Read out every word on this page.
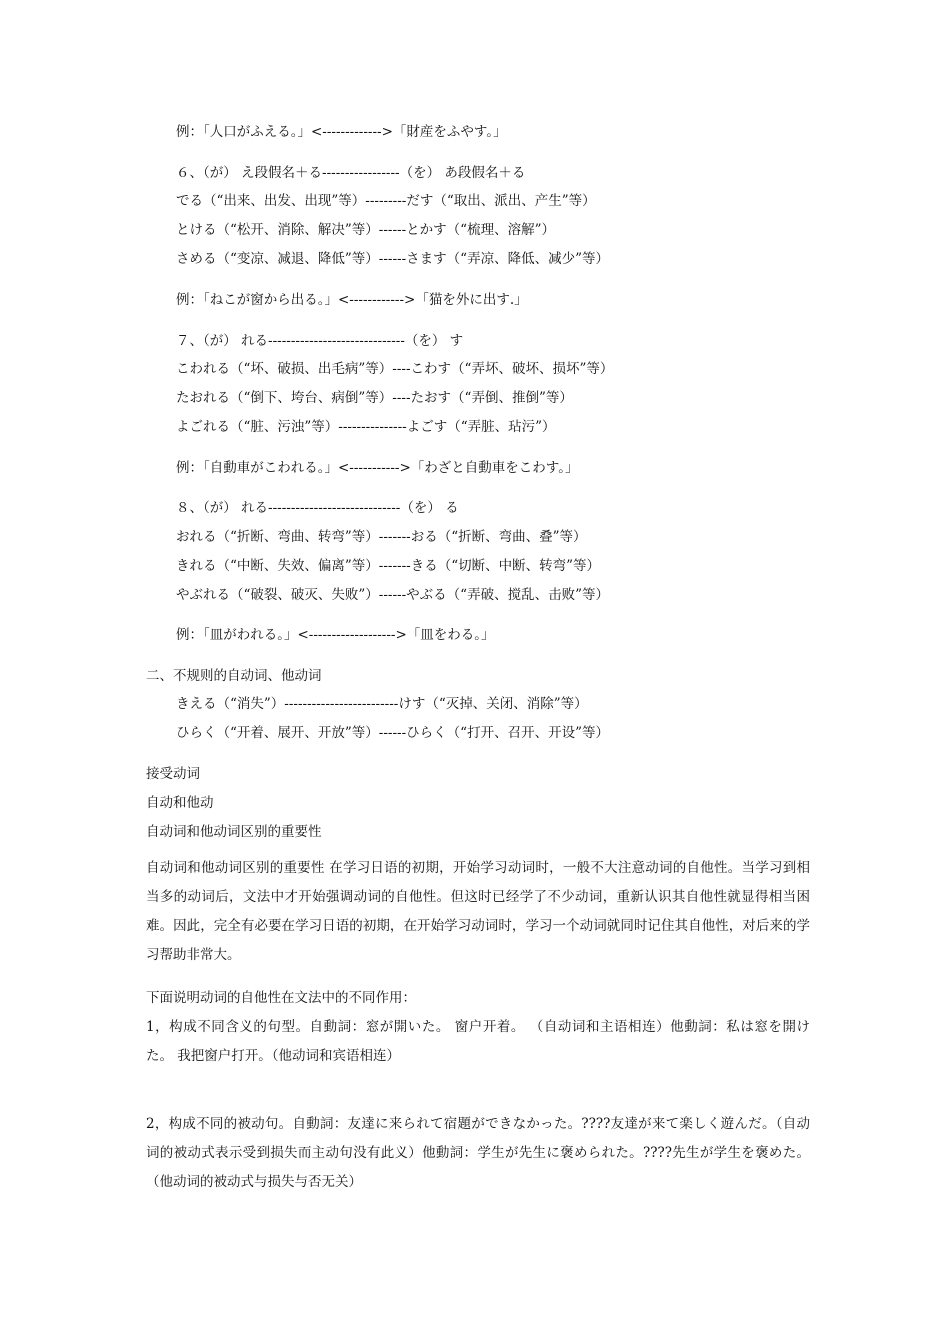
例：「人口がふえる。」<------------->「財産をふやす。」
６、（が） え段假名＋る-----------------（を） あ段假名＋る
でる（“出来、出发、出现”等）---------だす（“取出、派出、产生”等）
とける（“松开、消除、解决”等）------とかす（“梳理、溶解”）
さめる（“变凉、减退、降低”等）------さます（“弄凉、降低、减少”等）
例：「ねこが窗から出る。」<------------>「猫を外に出す.」
７、（が） れる------------------------------（を） す
こわれる（“坏、破损、出毛病”等）----こわす（“弄坏、破坏、损坏”等）
たおれる（“倒下、垮台、病倒”等）----たおす（“弄倒、推倒”等）
よごれる（“脏、污浊”等）---------------よごす（“弄脏、玷污”）
例：「自動車がこわれる。」<----------->「わざと自動車をこわす。」
８、（が） れる-----------------------------（を） る
おれる（“折断、弯曲、转弯”等）-------おる（“折断、弯曲、叠”等）
きれる（“中断、失效、偏离”等）-------きる（“切断、中断、转弯”等）
やぶれる（“破裂、破灭、失败”）------やぶる（“弄破、搅乱、击败”等）
例：「皿がわれる。」<------------------->「皿をわる。」
二、不规则的自动词、他动词
きえる（“消失”）-------------------------けす（“灭掉、关闭、消除”等）
ひらく（“开着、展开、开放”等）------ひらく（“打开、召开、开设”等）
接受动词
自动和他动
自动词和他动词区别的重要性
自动词和他动词区别的重要性 在学习日语的初期，开始学习动词时，一般不大注意动词的自他性。当学习到相当多的动词后，文法中才开始强调动词的自他性。但这时已经学了不少动词，重新认识其自他性就显得相当困难。因此，完全有必要在学习日语的初期，在开始学习动词时，学习一个动词就同时记住其自他性，对后来的学习帮助非常大。
下面说明动词的自他性在文法中的不同作用：
1，构成不同含义的句型。自動詞：窓が開いた。 窗户开着。 （自动词和主语相连）他動詞：私は窓を開けた。 我把窗户打开。（他动词和宾语相连）
2，构成不同的被动句。自動詞：友達に来られて宿題ができなかった。????友達が来て楽しく遊んだ。（自动词的被动式表示受到损失而主动句没有此义）他動詞：学生が先生に褒められた。????先生が学生を褒めた。（他动词的被动式与损失与否无关）
